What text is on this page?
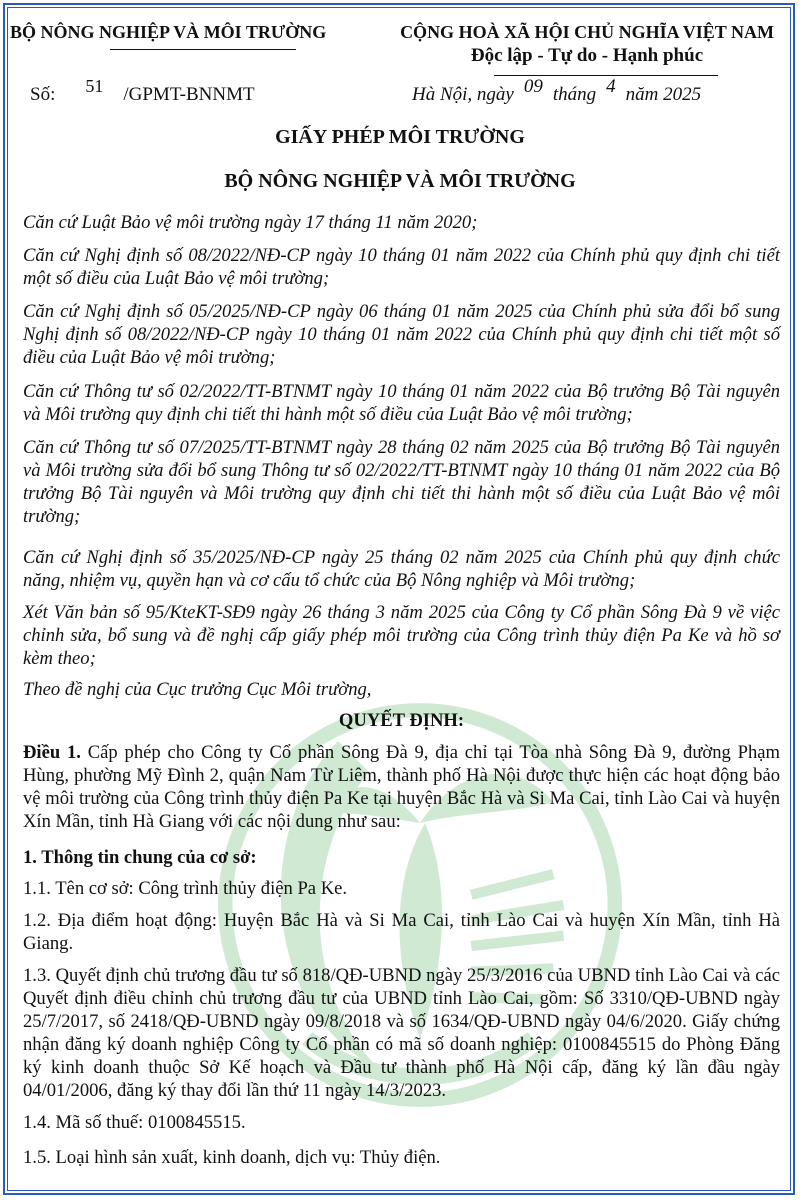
BỘ NÔNG NGHIỆP VÀ MÔI TRƯỜNG	CỘNG HOÀ XÃ HỘI CHỦ NGHĨA VIỆT NAM
Độc lập - Tự do - Hạnh phúc
Số: 51 /GPMT-BNNMT	Hà Nội, ngày 09 tháng 4 năm 2025
GIẤY PHÉP MÔI TRƯỜNG
BỘ NÔNG NGHIỆP VÀ MÔI TRƯỜNG
Căn cứ Luật Bảo vệ môi trường ngày 17 tháng 11 năm 2020;
Căn cứ Nghị định số 08/2022/NĐ-CP ngày 10 tháng 01 năm 2022 của Chính phủ quy định chi tiết một số điều của Luật Bảo vệ môi trường;
Căn cứ Nghị định số 05/2025/NĐ-CP ngày 06 tháng 01 năm 2025 của Chính phủ sửa đổi bổ sung Nghị định số 08/2022/NĐ-CP ngày 10 tháng 01 năm 2022 của Chính phủ quy định chi tiết một số điều của Luật Bảo vệ môi trường;
Căn cứ Thông tư số 02/2022/TT-BTNMT ngày 10 tháng 01 năm 2022 của Bộ trưởng Bộ Tài nguyên và Môi trường quy định chi tiết thi hành một số điều của Luật Bảo vệ môi trường;
Căn cứ Thông tư số 07/2025/TT-BTNMT ngày 28 tháng 02 năm 2025 của Bộ trưởng Bộ Tài nguyên và Môi trường sửa đổi bổ sung Thông tư số 02/2022/TT-BTNMT ngày 10 tháng 01 năm 2022 của Bộ trưởng Bộ Tài nguyên và Môi trường quy định chi tiết thi hành một số điều của Luật Bảo vệ môi trường;
Căn cứ Nghị định số 35/2025/NĐ-CP ngày 25 tháng 02 năm 2025 của Chính phủ quy định chức năng, nhiệm vụ, quyền hạn và cơ cấu tổ chức của Bộ Nông nghiệp và Môi trường;
Xét Văn bản số 95/KteKT-SĐ9 ngày 26 tháng 3 năm 2025 của Công ty Cổ phần Sông Đà 9 về việc chỉnh sửa, bổ sung và đề nghị cấp giấy phép môi trường của Công trình thủy điện Pa Ke và hồ sơ kèm theo;
Theo đề nghị của Cục trưởng Cục Môi trường,
QUYẾT ĐỊNH:
Điều 1. Cấp phép cho Công ty Cổ phần Sông Đà 9, địa chỉ tại Tòa nhà Sông Đà 9, đường Phạm Hùng, phường Mỹ Đình 2, quận Nam Từ Liêm, thành phố Hà Nội được thực hiện các hoạt động bảo vệ môi trường của Công trình thủy điện Pa Ke tại huyện Bắc Hà và Si Ma Cai, tỉnh Lào Cai và huyện Xín Mần, tỉnh Hà Giang với các nội dung như sau:
1. Thông tin chung của cơ sở:
1.1. Tên cơ sở: Công trình thủy điện Pa Ke.
1.2. Địa điểm hoạt động: Huyện Bắc Hà và Si Ma Cai, tỉnh Lào Cai và huyện Xín Mần, tỉnh Hà Giang.
1.3. Quyết định chủ trương đầu tư số 818/QĐ-UBND ngày 25/3/2016 của UBND tỉnh Lào Cai và các Quyết định điều chỉnh chủ trương đầu tư của UBND tỉnh Lào Cai, gồm: Số 3310/QĐ-UBND ngày 25/7/2017, số 2418/QĐ-UBND ngày 09/8/2018 và số 1634/QĐ-UBND ngày 04/6/2020. Giấy chứng nhận đăng ký doanh nghiệp Công ty Cổ phần có mã số doanh nghiệp: 0100845515 do Phòng Đăng ký kinh doanh thuộc Sở Kế hoạch và Đầu tư thành phố Hà Nội cấp, đăng ký lần đầu ngày 04/01/2006, đăng ký thay đổi lần thứ 11 ngày 14/3/2023.
1.4. Mã số thuế: 0100845515.
1.5. Loại hình sản xuất, kinh doanh, dịch vụ: Thủy điện.
